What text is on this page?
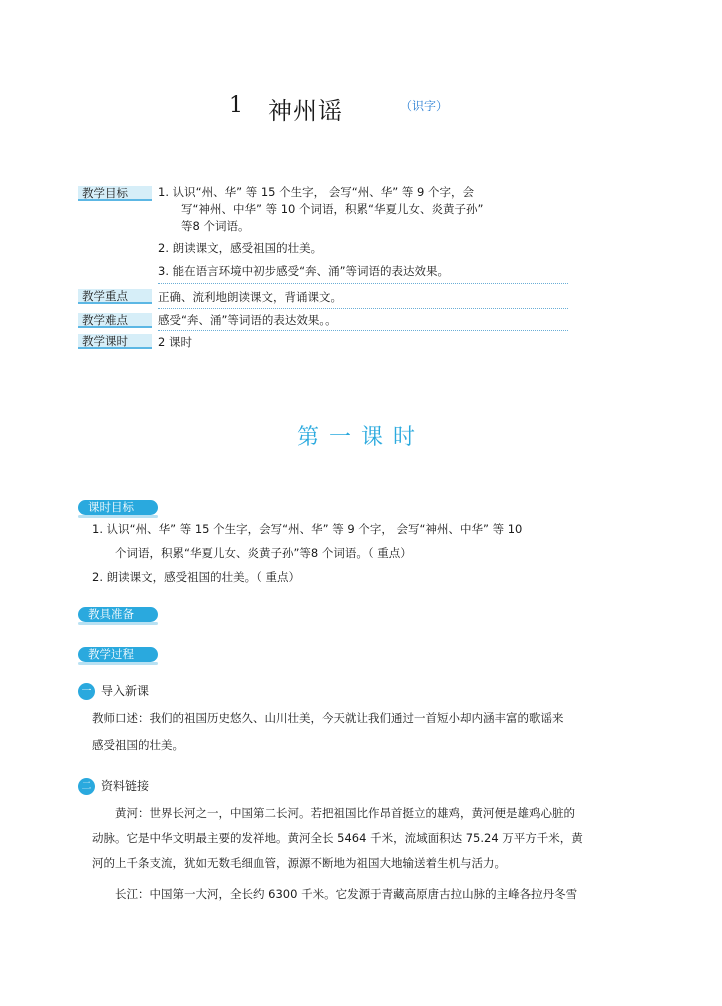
1 神州谣	（识字）
教学目标	1. 认识“州、华” 等 15 个生字， 会写“州、华” 等 9 个字，会
写“神州、中华” 等 10 个词语，积累“华夏儿女、炎黄子孙”
等8 个词语。
2. 朗读课文，感受祖国的壮美。
3. 能在语言环境中初步感受“奔、涌”等词语的表达效果。
教学重点	正确、流利地朗读课文，背诵课文。
教学难点	感受“奔、涌”等词语的表达效果。。
教学课时	2 课时
第一课时
课时目标
1. 认识“州、华” 等 15 个生字，会写“州、华” 等 9 个字， 会写“神州、中华” 等 10
个词语，积累“华夏儿女、炎黄子孙”等8 个词语。（ 重点）
2. 朗读课文，感受祖国的壮美。（ 重点）
教具准备
教学过程
一 导入新课
教师口述：我们的祖国历史悠久、山川壮美，今天就让我们通过一首短小却内涵丰富的歌谣来
感受祖国的壮美。
二 资料链接
黄河：世界长河之一，中国第二长河。若把祖国比作昂首挺立的雄鸡，黄河便是雄鸡心脏的
动脉。它是中华文明最主要的发祥地。黄河全长 5464 千米，流域面积达 75.24 万平方千米，黄
河的上千条支流，犹如无数毛细血管，源源不断地为祖国大地输送着生机与活力。
长江：中国第一大河，全长约 6300 千米。它发源于青藏高原唐古拉山脉的主峰各拉丹冬雪
